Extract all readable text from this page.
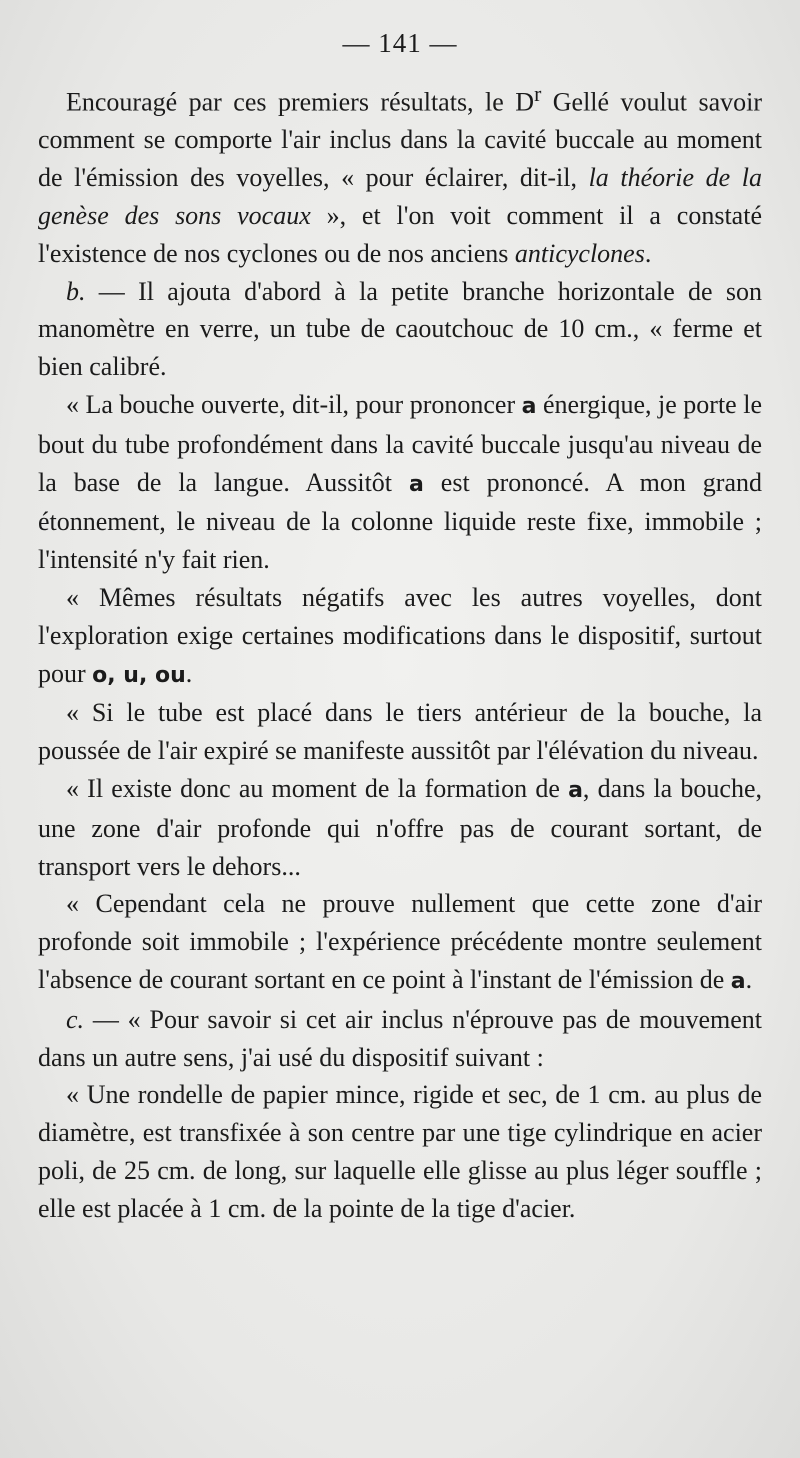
— 141 —

Encouragé par ces premiers résultats, le $D^r$ Gellé voulut savoir comment se comporte l'air inclus dans la cavité buccale au moment de l'émission des voyelles, « pour éclairer, dit-il, la théorie de la genèse des sons vocaux », et l'on voit comment il a constaté l'existence de nos cyclones ou de nos anciens anticyclones.

b. — Il ajouta d'abord à la petite branche horizontale de son manomètre en verre, un tube de caoutchouc de 10 cm., « ferme et bien calibré.

« La bouche ouverte, dit-il, pour prononcer a énergique, je porte le bout du tube profondément dans la cavité buccale jusqu'au niveau de la base de la langue. Aussitôt a est prononcé. A mon grand étonnement, le niveau de la colonne liquide reste fixe, immobile ; l'intensité n'y fait rien.

« Mêmes résultats négatifs avec les autres voyelles, dont l'exploration exige certaines modifications dans le dispositif, surtout pour o, u, ou.

« Si le tube est placé dans le tiers antérieur de la bouche, la poussée de l'air expiré se manifeste aussitôt par l'élévation du niveau.

« Il existe donc au moment de la formation de a, dans la bouche, une zone d'air profonde qui n'offre pas de courant sortant, de transport vers le dehors...

« Cependant cela ne prouve nullement que cette zone d'air profonde soit immobile ; l'expérience précédente montre seulement l'absence de courant sortant en ce point à l'instant de l'émission de a.

c. — « Pour savoir si cet air inclus n'éprouve pas de mouvement dans un autre sens, j'ai usé du dispositif suivant :

« Une rondelle de papier mince, rigide et sec, de 1 cm. au plus de diamètre, est transfixée à son centre par une tige cylindrique en acier poli, de 25 cm. de long, sur laquelle elle glisse au plus léger souffle ; elle est placée à 1 cm. de la pointe de la tige d'acier.
